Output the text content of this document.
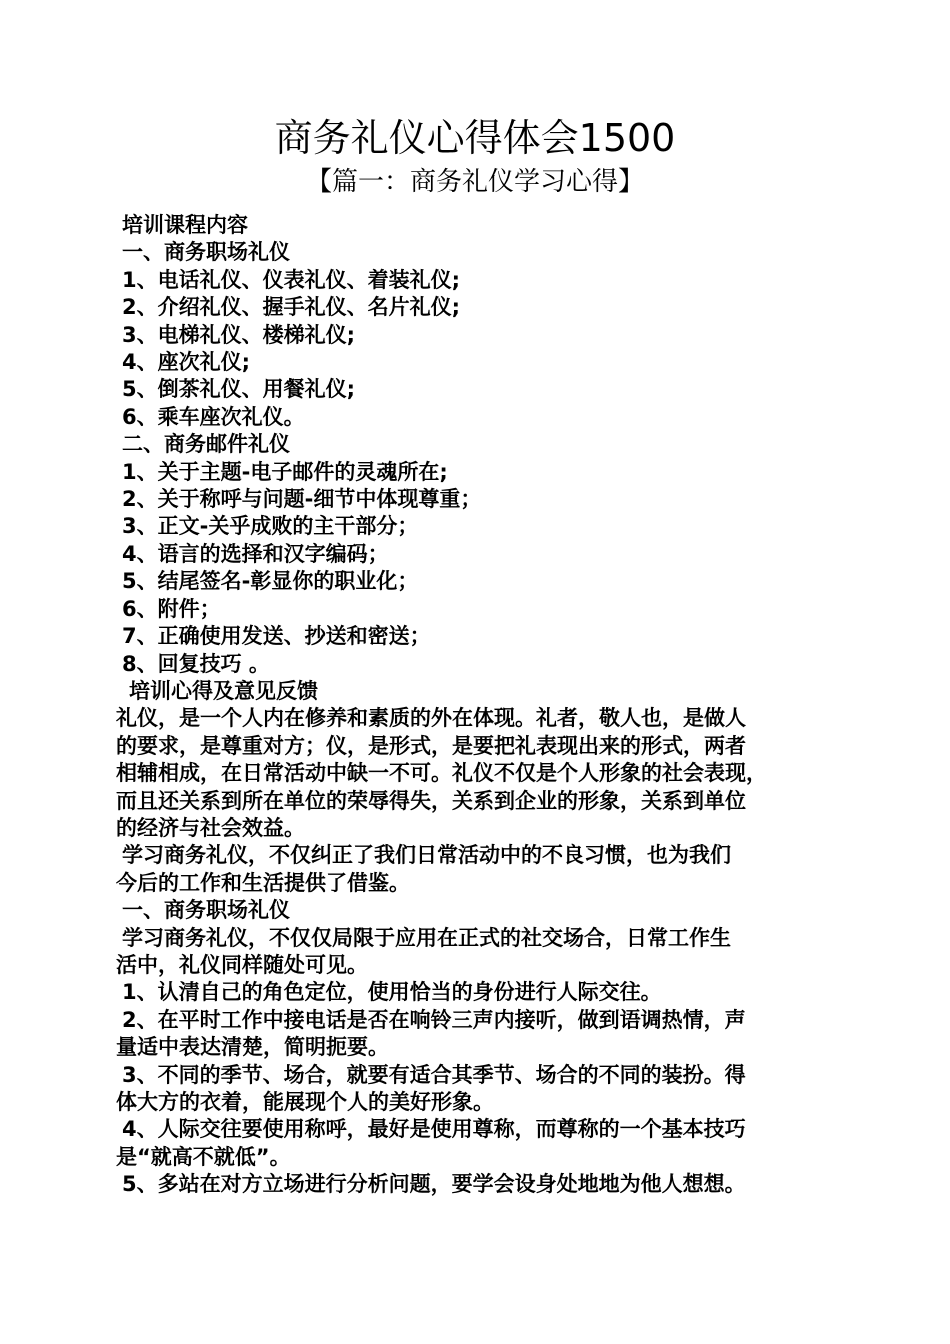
商务礼仪心得体会1500
【篇一：商务礼仪学习心得】
培训课程内容
一、商务职场礼仪
1、电话礼仪、仪表礼仪、着装礼仪;
2、介绍礼仪、握手礼仪、名片礼仪;
3、电梯礼仪、楼梯礼仪;
4、座次礼仪;
5、倒茶礼仪、用餐礼仪;
6、乘车座次礼仪。
二、商务邮件礼仪
1、关于主题-电子邮件的灵魂所在;
2、关于称呼与问题-细节中体现尊重；
3、正文-关乎成败的主干部分；
4、语言的选择和汉字编码；
5、结尾签名-彰显你的职业化；
6、附件；
7、正确使用发送、抄送和密送；
8、回复技巧 。
培训心得及意见反馈
礼仪，是一个人内在修养和素质的外在体现。礼者，敬人也，是做人
的要求，是尊重对方；仪，是形式，是要把礼表现出来的形式，两者
相辅相成，在日常活动中缺一不可。礼仪不仅是个人形象的社会表现，
而且还关系到所在单位的荣辱得失，关系到企业的形象，关系到单位
的经济与社会效益。
学习商务礼仪，不仅纠正了我们日常活动中的不良习惯，也为我们
今后的工作和生活提供了借鉴。
一、商务职场礼仪
学习商务礼仪，不仅仅局限于应用在正式的社交场合，日常工作生
活中，礼仪同样随处可见。
1、认清自己的角色定位，使用恰当的身份进行人际交往。
2、在平时工作中接电话是否在响铃三声内接听，做到语调热情，声
量适中表达清楚，简明扼要。
3、不同的季节、场合，就要有适合其季节、场合的不同的装扮。得
体大方的衣着，能展现个人的美好形象。
4、人际交往要使用称呼，最好是使用尊称，而尊称的一个基本技巧
是“就高不就低”。
5、多站在对方立场进行分析问题，要学会设身处地地为他人想想。
